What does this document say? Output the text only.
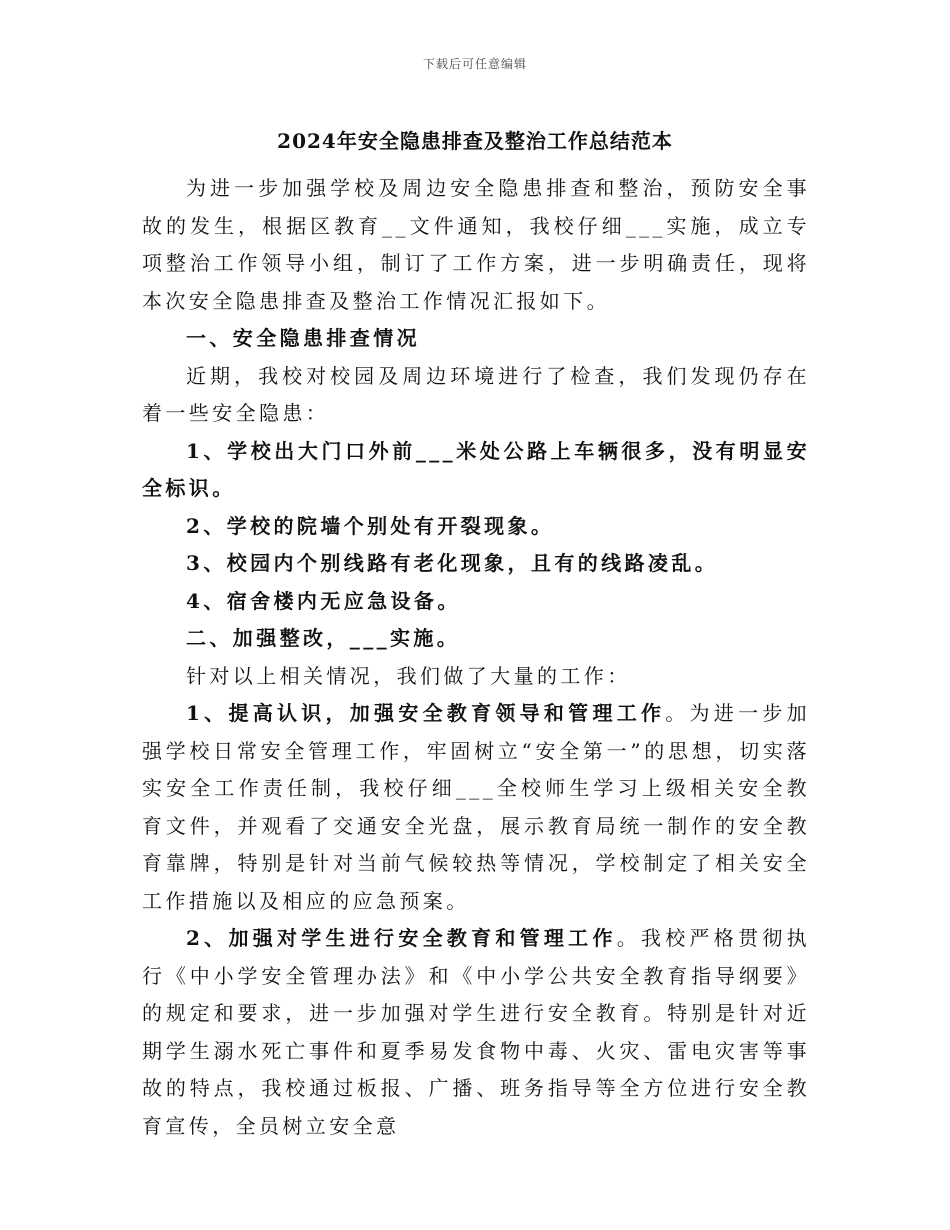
下载后可任意编辑
2024年安全隐患排查及整治工作总结范本

为进一步加强学校及周边安全隐患排查和整治，预防安全事故的发生，根据区教育__文件通知，我校仔细___实施，成立专项整治工作领导小组，制订了工作方案，进一步明确责任，现将本次安全隐患排查及整治工作情况汇报如下。

一、安全隐患排查情况

近期，我校对校园及周边环境进行了检查，我们发现仍存在着一些安全隐患：

1、学校出大门口外前___米处公路上车辆很多，没有明显安全标识。

2、学校的院墙个别处有开裂现象。

3、校园内个别线路有老化现象，且有的线路凌乱。

4、宿舍楼内无应急设备。

二、加强整改，___实施。

针对以上相关情况，我们做了大量的工作：

1、提高认识，加强安全教育领导和管理工作。为进一步加强学校日常安全管理工作，牢固树立“安全第一”的思想，切实落实安全工作责任制，我校仔细___全校师生学习上级相关安全教育文件，并观看了交通安全光盘，展示教育局统一制作的安全教育靠牌，特别是针对当前气候较热等情况，学校制定了相关安全工作措施以及相应的应急预案。

2、加强对学生进行安全教育和管理工作。我校严格贯彻执行《中小学安全管理办法》和《中小学公共安全教育指导纲要》的规定和要求，进一步加强对学生进行安全教育。特别是针对近期学生溺水死亡事件和夏季易发食物中毒、火灾、雷电灾害等事故的特点，我校通过板报、广播、班务指导等全方位进行安全教育宣传，全员树立安全意
